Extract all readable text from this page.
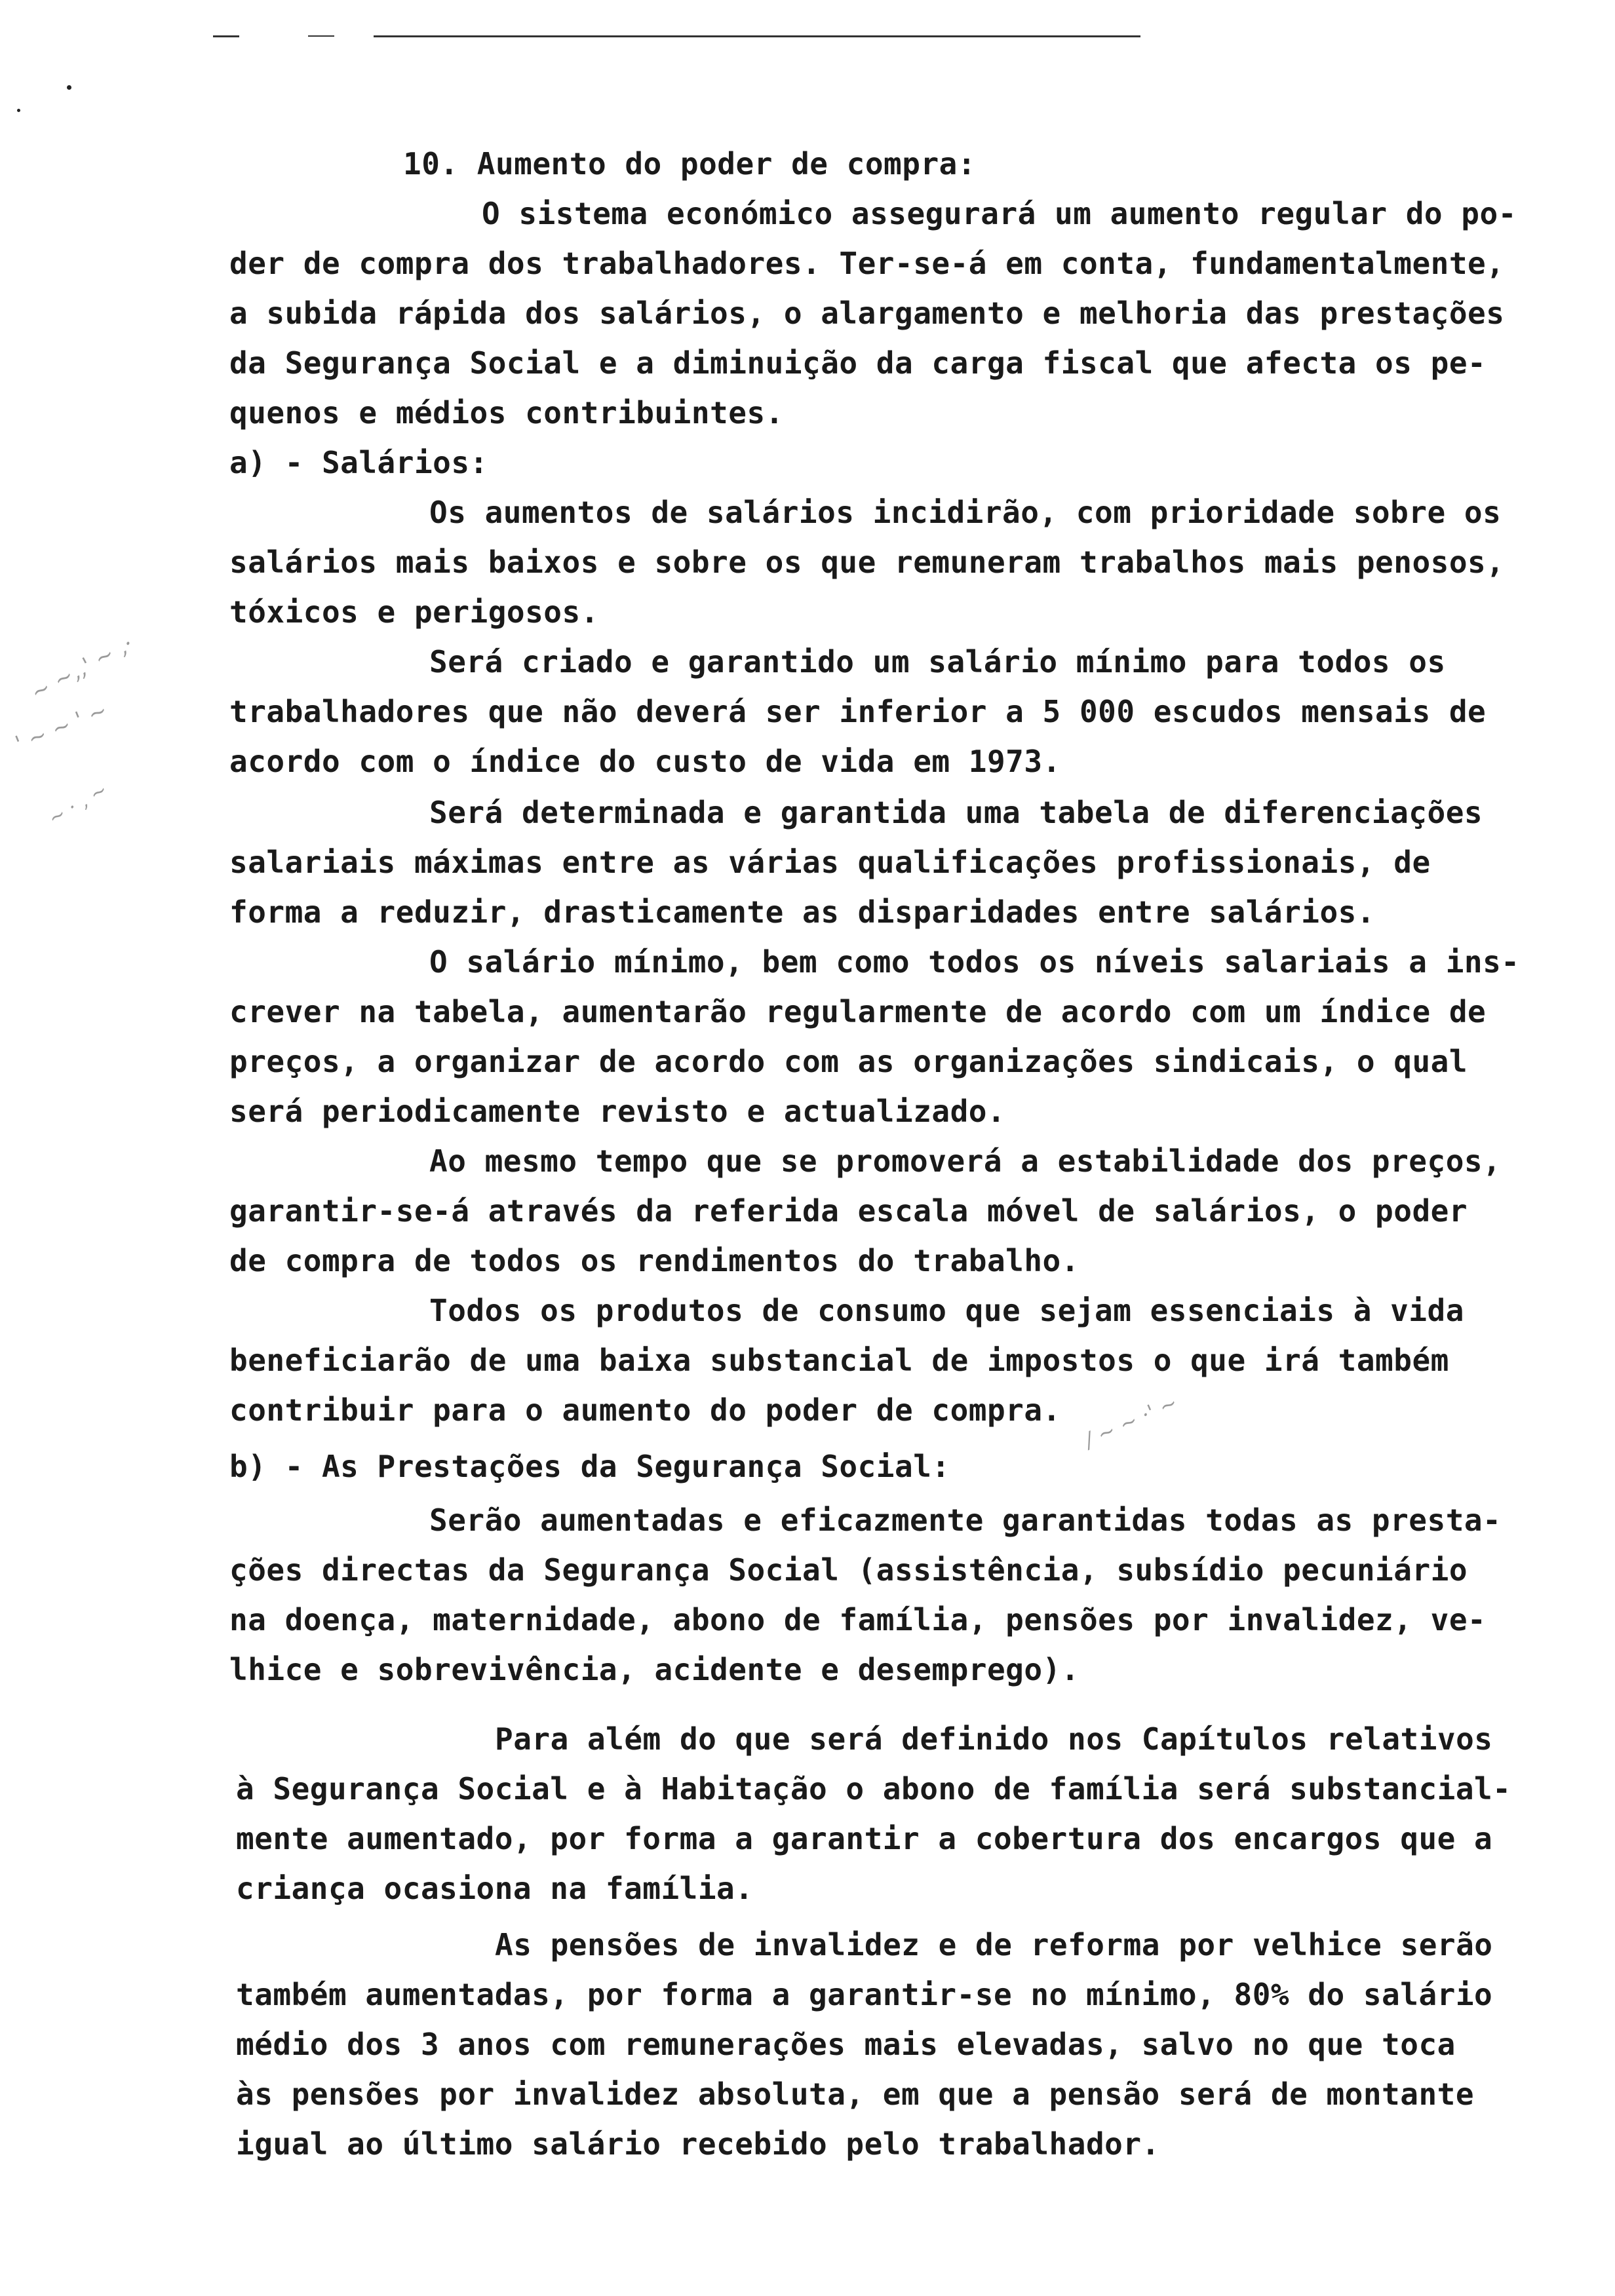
~ ~‚,' ~ ,·
' ~ ~ ' ~
~ · , ~
/ ~ ~ ·' ~
10. Aumento do poder de compra:
O sistema económico assegurará um aumento regular do po-
der de compra dos trabalhadores. Ter-se-á em conta, fundamentalmente,
a subida rápida dos salários, o alargamento e melhoria das prestações
da Segurança Social e a diminuição da carga fiscal que afecta os pe-
quenos e médios contribuintes.
a) - Salários:
Os aumentos de salários incidirão, com prioridade sobre os
salários mais baixos e sobre os que remuneram trabalhos mais penosos,
tóxicos e perigosos.
Será criado e garantido um salário mínimo para todos os
trabalhadores que não deverá ser inferior a 5 000 escudos mensais de
acordo com o índice do custo de vida em 1973.
Será determinada e garantida uma tabela de diferenciações
salariais máximas entre as várias qualificações profissionais, de
forma a reduzir, drasticamente as disparidades entre salários.
O salário mínimo, bem como todos os níveis salariais a ins-
crever na tabela, aumentarão regularmente de acordo com um índice de
preços, a organizar de acordo com as organizações sindicais, o qual
será periodicamente revisto e actualizado.
Ao mesmo tempo que se promoverá a estabilidade dos preços,
garantir-se-á através da referida escala móvel de salários, o poder
de compra de todos os rendimentos do trabalho.
Todos os produtos de consumo que sejam essenciais à vida
beneficiarão de uma baixa substancial de impostos o que irá também
contribuir para o aumento do poder de compra.
b) - As Prestações da Segurança Social:
Serão aumentadas e eficazmente garantidas todas as presta-
ções directas da Segurança Social (assistência, subsídio pecuniário
na doença, maternidade, abono de família, pensões por invalidez, ve-
lhice e sobrevivência, acidente e desemprego).
Para além do que será definido nos Capítulos relativos
à Segurança Social e à Habitação o abono de família será substancial-
mente aumentado, por forma a garantir a cobertura dos encargos que a
criança ocasiona na família.
As pensões de invalidez e de reforma por velhice serão
também aumentadas, por forma a garantir-se no mínimo, 80% do salário
médio dos 3 anos com remunerações mais elevadas, salvo no que toca
às pensões por invalidez absoluta, em que a pensão será de montante
igual ao último salário recebido pelo trabalhador.
